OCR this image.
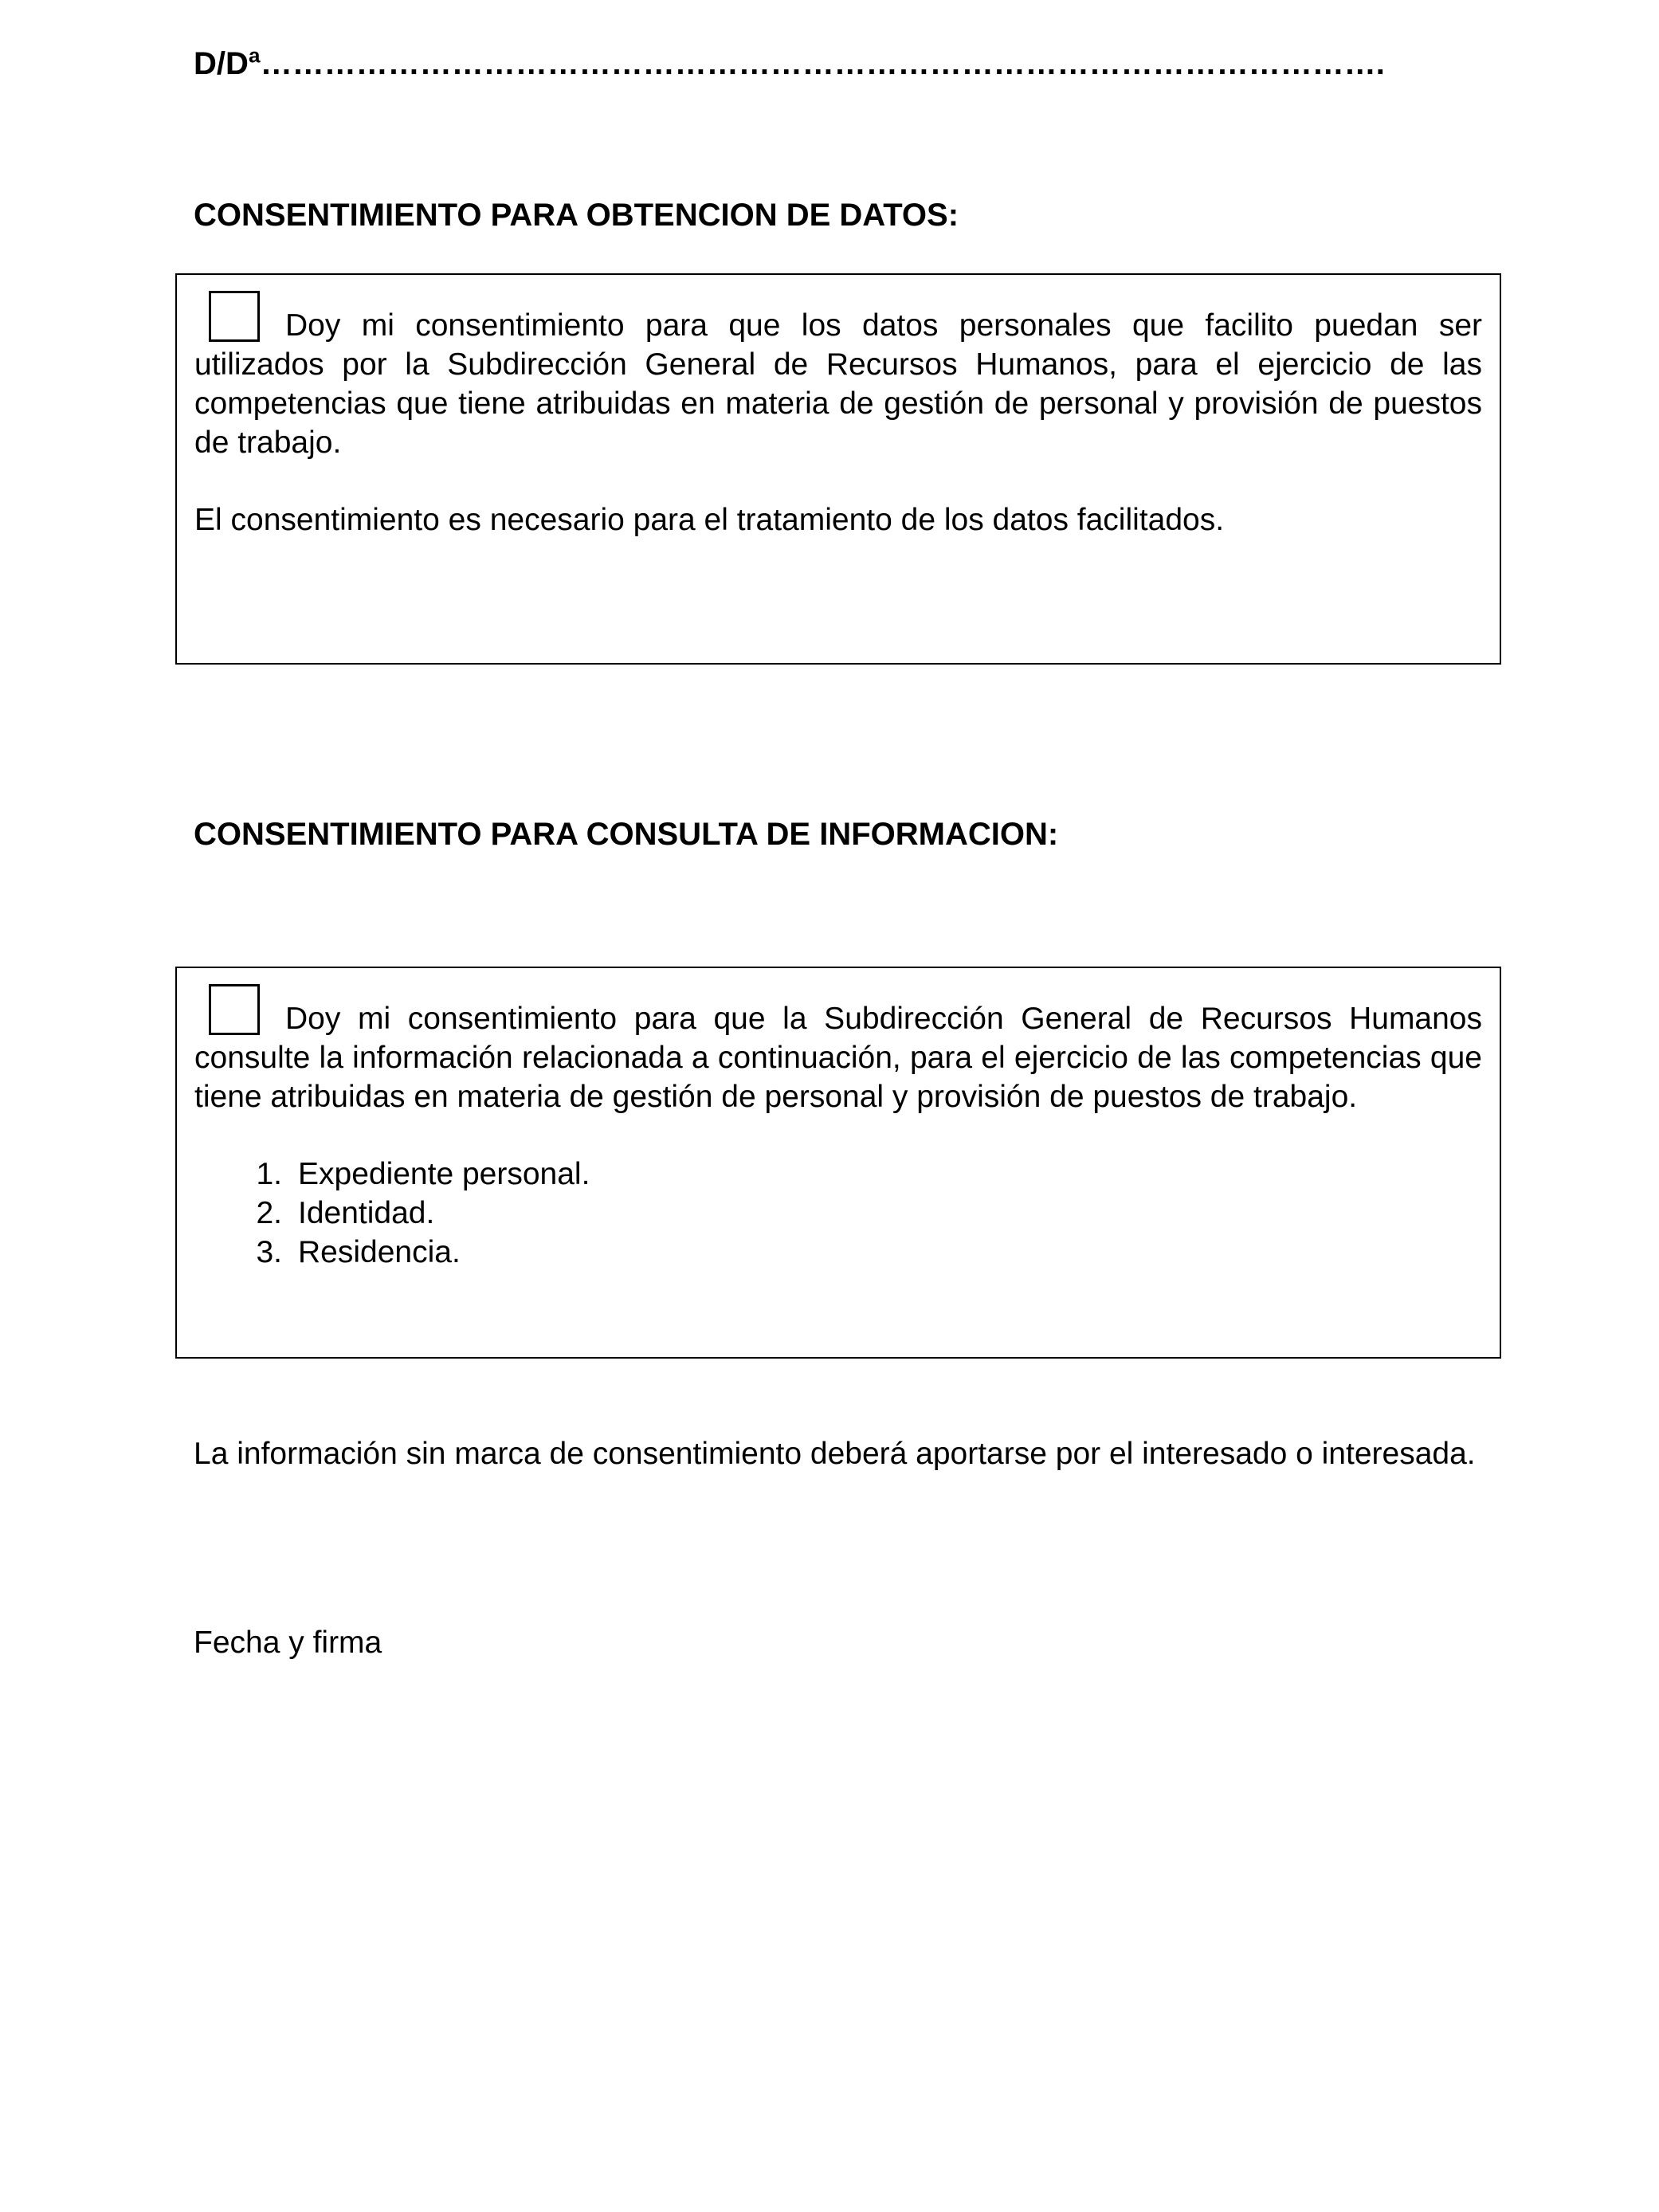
D/Dª…………………………………………………………………………………………….
CONSENTIMIENTO PARA OBTENCION DE DATOS:
Doy mi consentimiento para que los datos personales que facilito puedan ser utilizados por la Subdirección General de Recursos Humanos, para el ejercicio de las competencias que tiene atribuidas en materia de gestión de personal y provisión de puestos de trabajo.
El consentimiento es necesario para el tratamiento de los datos facilitados.
CONSENTIMIENTO PARA CONSULTA DE INFORMACION:
Doy mi consentimiento para que la Subdirección General de Recursos Humanos consulte la información relacionada a continuación, para el ejercicio de las competencias que tiene atribuidas en materia de gestión de personal y provisión de puestos de trabajo.
1. Expediente personal.
2. Identidad.
3. Residencia.
La información sin marca de consentimiento deberá aportarse por el interesado o interesada.
Fecha y firma
